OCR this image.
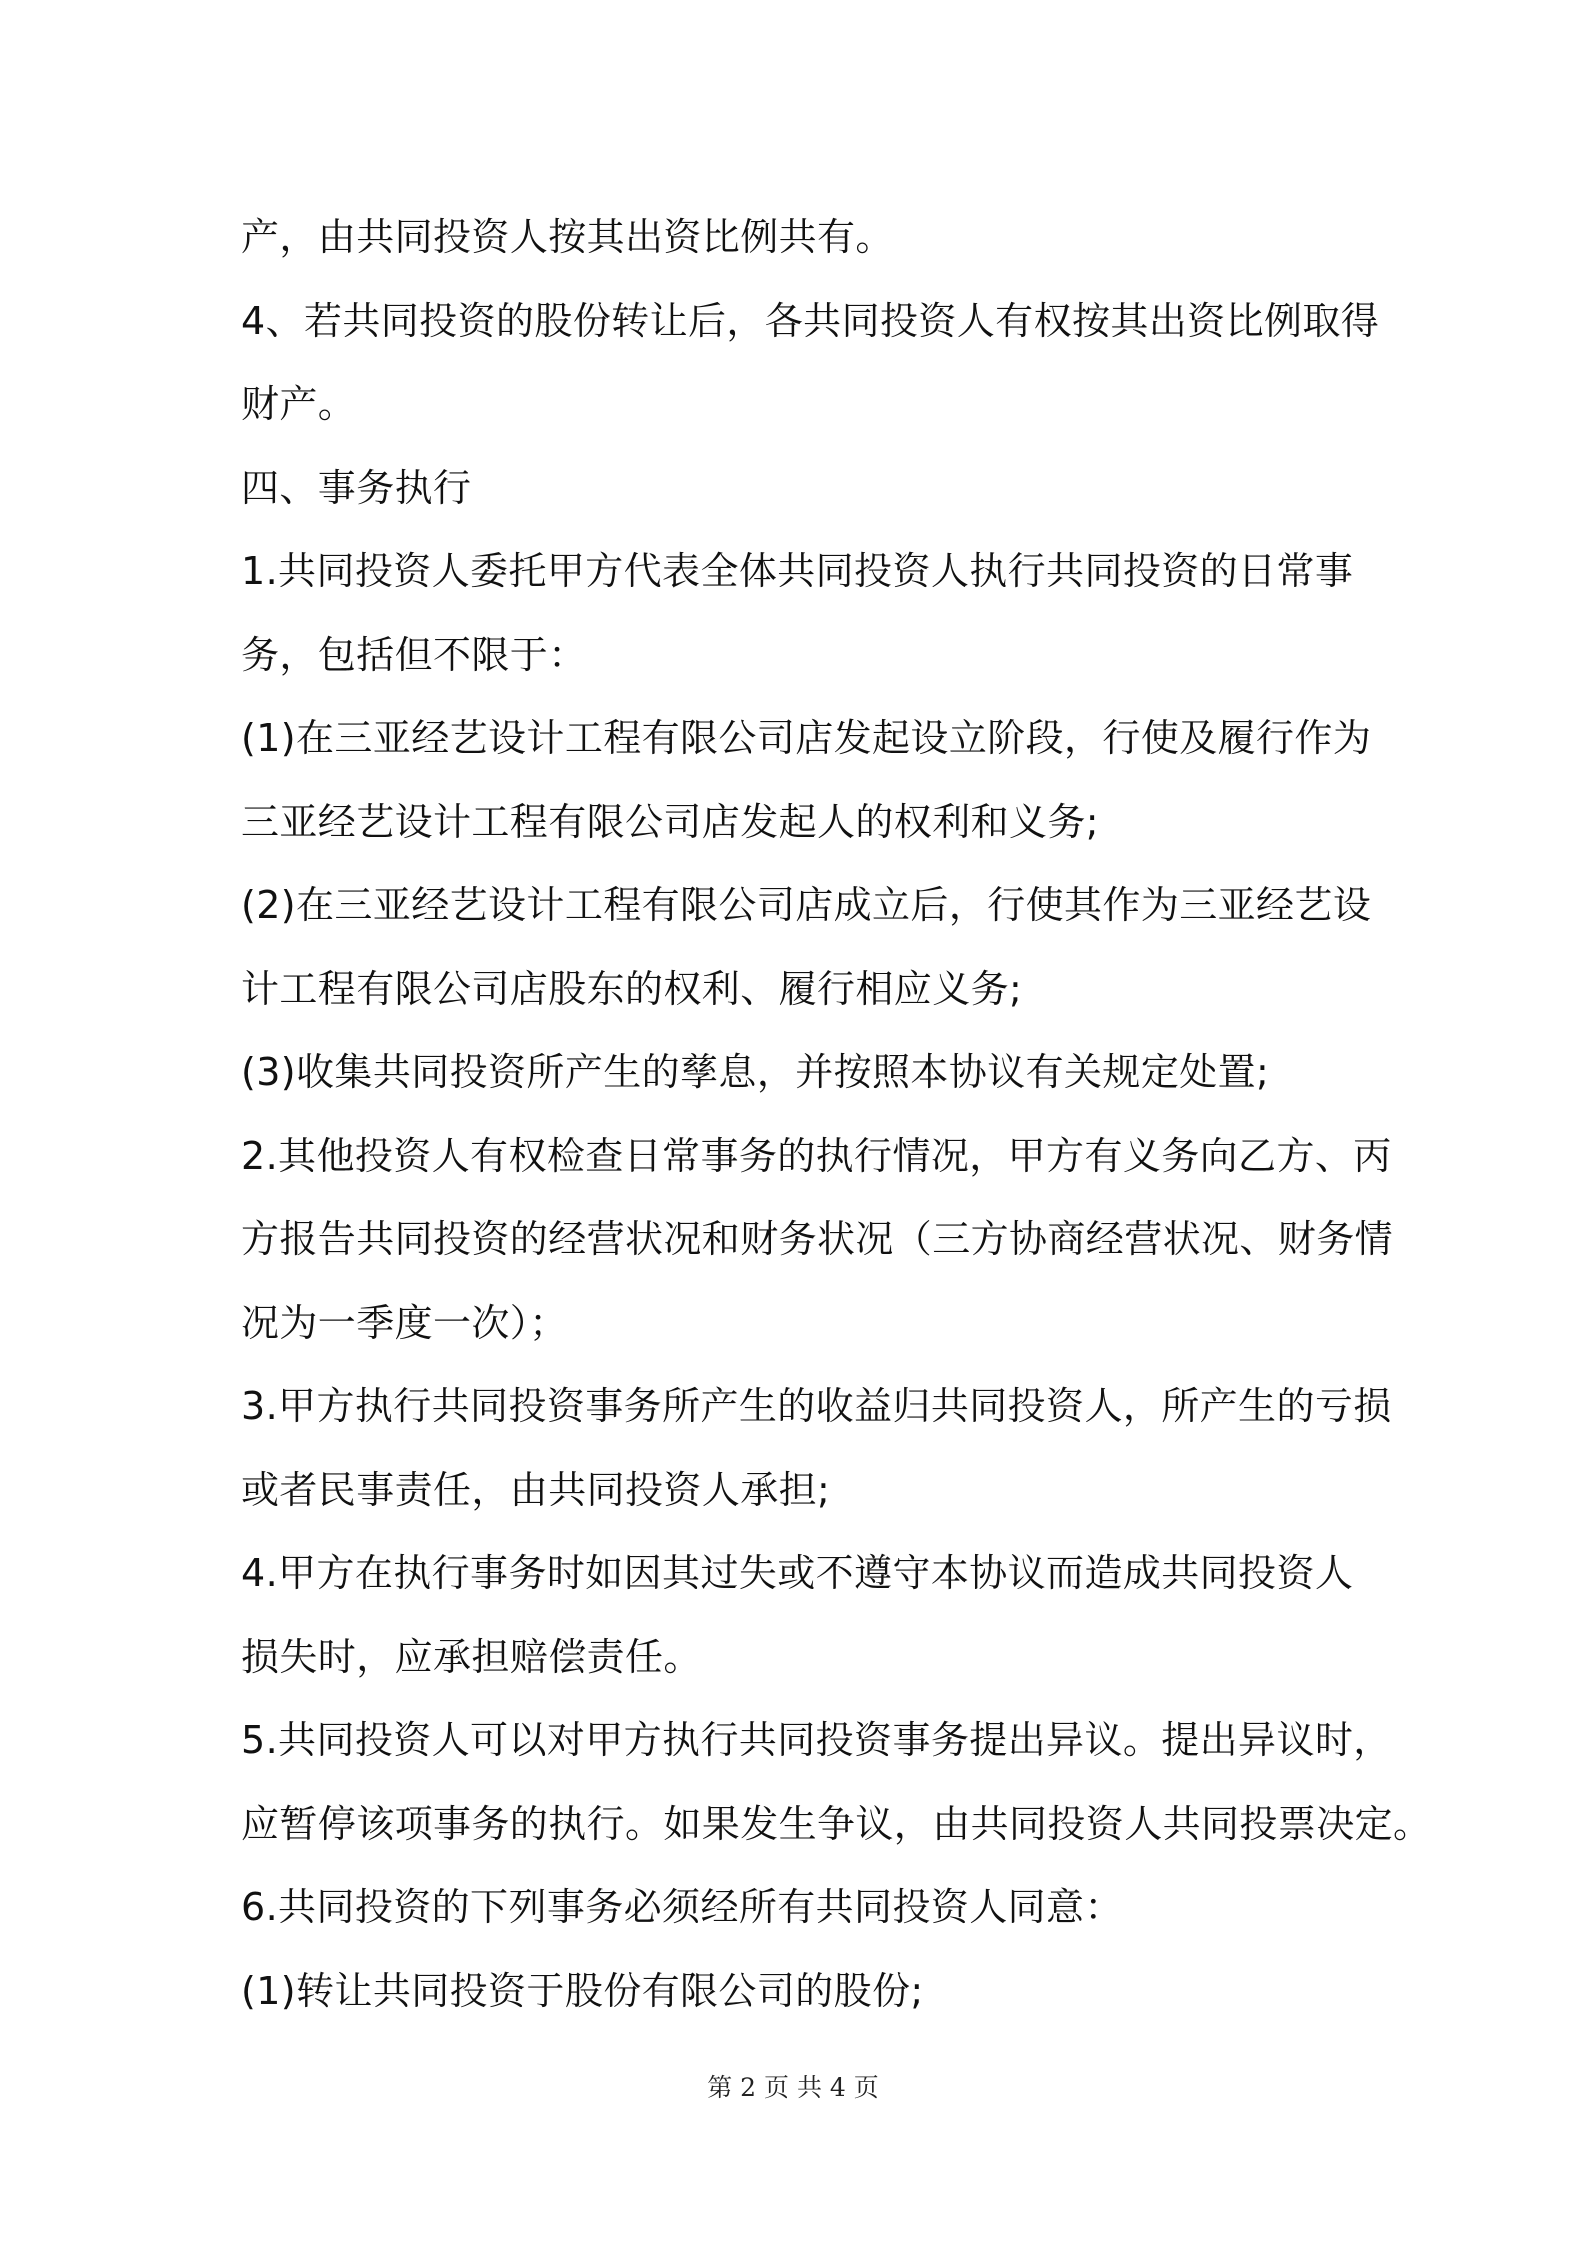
产，由共同投资人按其出资比例共有。
4、若共同投资的股份转让后，各共同投资人有权按其出资比例取得
财产。
四、事务执行
1.共同投资人委托甲方代表全体共同投资人执行共同投资的日常事
务，包括但不限于：
(1)在三亚经艺设计工程有限公司店发起设立阶段，行使及履行作为
三亚经艺设计工程有限公司店发起人的权利和义务;
(2)在三亚经艺设计工程有限公司店成立后，行使其作为三亚经艺设
计工程有限公司店股东的权利、履行相应义务;
(3)收集共同投资所产生的孳息，并按照本协议有关规定处置;
2.其他投资人有权检查日常事务的执行情况，甲方有义务向乙方、丙
方报告共同投资的经营状况和财务状况（三方协商经营状况、财务情
况为一季度一次）；
3.甲方执行共同投资事务所产生的收益归共同投资人，所产生的亏损
或者民事责任，由共同投资人承担;
4.甲方在执行事务时如因其过失或不遵守本协议而造成共同投资人
损失时，应承担赔偿责任。
5.共同投资人可以对甲方执行共同投资事务提出异议。提出异议时，
应暂停该项事务的执行。如果发生争议，由共同投资人共同投票决定。
6.共同投资的下列事务必须经所有共同投资人同意：
(1)转让共同投资于股份有限公司的股份;
第 2 页 共 4 页
